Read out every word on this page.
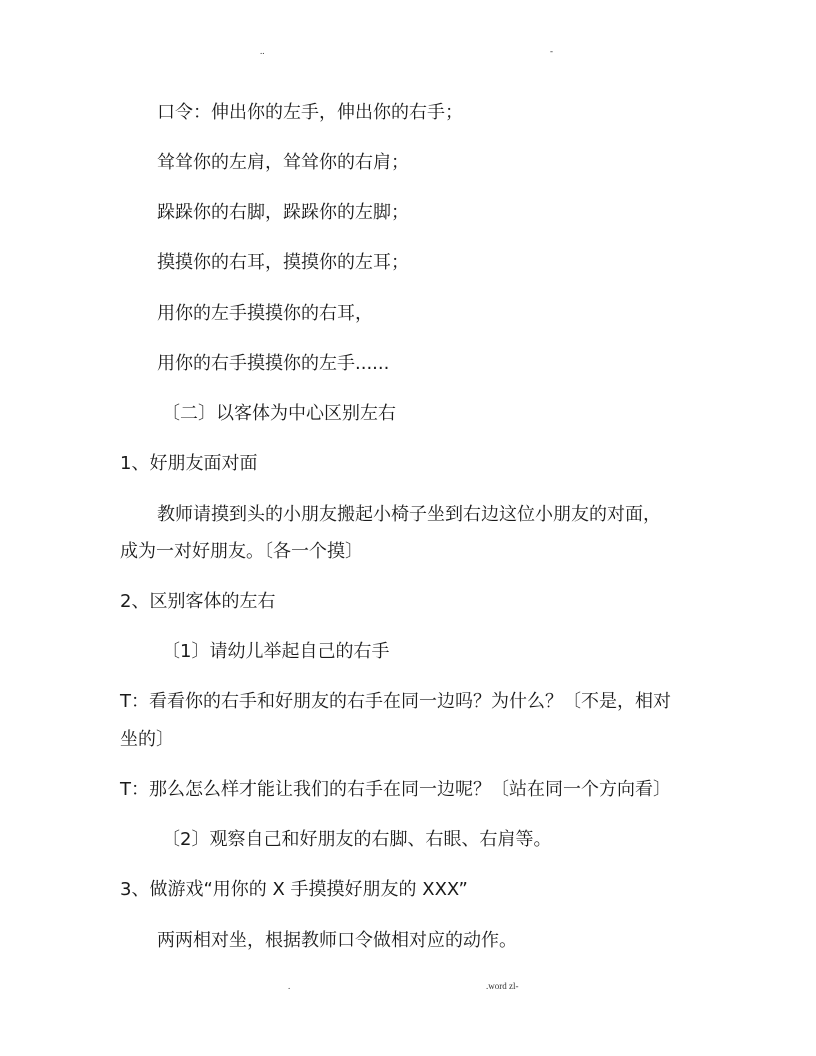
..	-
口令：伸出你的左手，伸出你的右手；
耸耸你的左肩，耸耸你的右肩；
跺跺你的右脚，跺跺你的左脚；
摸摸你的右耳，摸摸你的左耳；
用你的左手摸摸你的右耳，
用你的右手摸摸你的左手......
〔二〕以客体为中心区别左右
1、好朋友面对面
教师请摸到头的小朋友搬起小椅子坐到右边这位小朋友的对面，
成为一对好朋友。〔各一个摸〕
2、区别客体的左右
〔1〕请幼儿举起自己的右手
T：看看你的右手和好朋友的右手在同一边吗？为什么？〔不是，相对
坐的〕
T：那么怎么样才能让我们的右手在同一边呢？〔站在同一个方向看〕
〔2〕观察自己和好朋友的右脚、右眼、右肩等。
3、做游戏“用你的 X 手摸摸好朋友的 XXX”
两两相对坐，根据教师口令做相对应的动作。
.	.word zl-
